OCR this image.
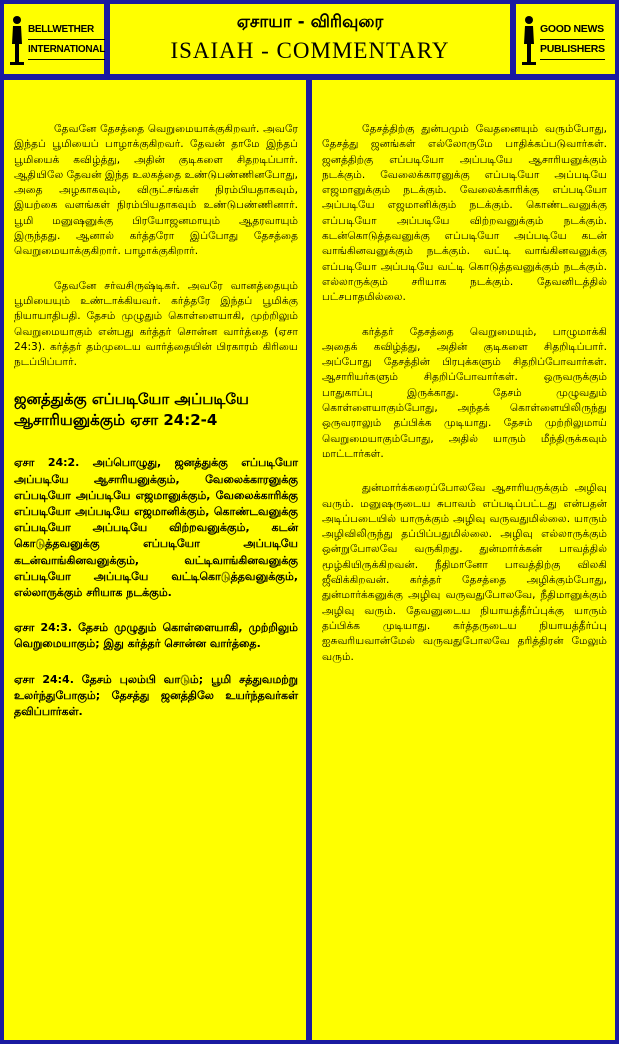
BELLWETHER
INTERNATIONAL
ஏசாயா - விரிவுரை
ISAIAH - COMMENTARY
GOOD NEWS
PUBLISHERS

தேவனே தேசத்தை வெறுமையாக்குகிறவர். அவரே இந்தப் பூமியைப் பாழாக்குகிறவர். தேவன் தாமே இந்தப் பூமியைக் கவிழ்த்து, அதின் குடிகளை சிதறடிப்பார். ஆதியிலே தேவன் இந்த உலகத்தை உண்டுபண்ணினபோது, அதை அழகாகவும், விருட்சங்கள் நிரம்பியதாகவும், இயற்கை வளங்கள் நிரம்பியதாகவும் உண்டுபண்ணினார். பூமி மனுஷனுக்கு பிரயோஜனமாயும் ஆதரவாயும் இருந்தது. ஆனால் கர்த்தரோ இப்போது தேசத்தை வெறுமையாக்குகிறார். பாழாக்குகிறார்.

தேவனே சர்வசிருஷ்டிகர். அவரே வானத்தையும் பூமியையும் உண்டாக்கியவர். கர்த்தரே இந்தப் பூமிக்கு நியாயாதிபதி. தேசம் முழுதும் கொள்ளையாகி, முற்றிலும் வெறுமையாகும் என்பது கர்த்தர் சொன்ன வார்த்தை (ஏசா 24:3). கர்த்தர் தம்முடைய வார்த்தையின் பிரகாரம் கிரியை நடப்பிப்பார்.

ஜனத்துக்கு எப்படியோ அப்படியே ஆசாரியனுக்கும் ஏசா 24:2-4

ஏசா 24:2. அப்பொழுது, ஜனத்துக்கு எப்படியோ அப்படியே ஆசாரியனுக்கும், வேலைக்காரனுக்கு எப்படியோ அப்படியே எஜமானுக்கும், வேலைக்காரிக்கு எப்படியோ அப்படியே எஜமானிக்கும், கொண்டவனுக்கு எப்படியோ அப்படியே விற்றவனுக்கும், கடன் கொடுத்தவனுக்கு எப்படியோ அப்படியே கடன்வாங்கினவனுக்கும், வட்டிவாங்கினவனுக்கு எப்படியோ அப்படியே வட்டிகொடுத்தவனுக்கும், எல்லாருக்கும் சரியாக நடக்கும்.

ஏசா 24:3. தேசம் முழுதும் கொள்ளையாகி, முற்றிலும் வெறுமையாகும்; இது கர்த்தர் சொன்ன வார்த்தை.

ஏசா 24:4. தேசம் புலம்பி வாடும்; பூமி சத்துவமற்று உலர்ந்துபோகும்; தேசத்து ஜனத்திலே உயர்ந்தவர்கள் தவிப்பார்கள்.

தேசத்திற்கு துன்பமும் வேதனையும் வரும்போது, தேசத்து ஜனங்கள் எல்லோருமே பாதிக்கப்படுவார்கள். ஜனத்திற்கு எப்படியோ அப்படியே ஆசாரியனுக்கும் நடக்கும். வேலைக்காரனுக்கு எப்படியோ அப்படியே எஜமானுக்கும் நடக்கும். வேலைக்காரிக்கு எப்படியோ அப்படியே எஜமானிக்கும் நடக்கும். கொண்டவனுக்கு எப்படியோ அப்படியே விற்றவனுக்கும் நடக்கும். கடன்கொடுத்தவனுக்கு எப்படியோ அப்படியே கடன் வாங்கினவனுக்கும் நடக்கும். வட்டி வாங்கினவனுக்கு எப்படியோ அப்படியே வட்டி கொடுத்தவனுக்கும் நடக்கும். எல்லாருக்கும் சரியாக நடக்கும். தேவனிடத்தில் பட்சபாதமில்லை.

கர்த்தர் தேசத்தை வெறுமையும், பாழுமாக்கி அதைக் கவிழ்த்து, அதின் குடிகளை சிதறிடிப்பார். அப்போது தேசத்தின் பிரபுக்களும் சிதறிப்போவார்கள். ஆசாரியர்களும் சிதறிப்போவார்கள். ஒருவருக்கும் பாதுகாப்பு இருக்காது. தேசம் முழுவதும் கொள்ளையாகும்போது, அந்தக் கொள்ளையிலிருந்து ஒருவராலும் தப்பிக்க முடியாது. தேசம் முற்றிலுமாய் வெறுமையாகும்போது, அதில் யாரும் மீந்திருக்கவும் மாட்டார்கள்.

துன்மார்க்கரைப்போலவே ஆசாரியருக்கும் அழிவு வரும். மனுஷருடைய சுபாவம் எப்படிப்பட்டது என்பதன் அடிப்படையில் யாருக்கும் அழிவு வருவதுமில்லை. யாரும் அழிவிலிருந்து தப்பிப்பதுமில்லை. அழிவு எல்லாருக்கும் ஒன்றுபோலவே வருகிறது. துன்மார்க்கன் பாவத்தில் மூழ்கியிருக்கிறவன். நீதிமானோ பாவத்திற்கு விலகி ஜீவிக்கிறவன். கர்த்தர் தேசத்தை அழிக்கும்போது, துன்மார்க்கனுக்கு அழிவு வருவதுபோலவே, நீதிமானுக்கும் அழிவு வரும். தேவனுடைய நியாயத்தீர்ப்புக்கு யாரும் தப்பிக்க முடியாது. கர்த்தருடைய நியாயத்தீர்ப்பு ஐசுவரியவான்மேல் வருவதுபோலவே தரித்திரன் மேலும் வரும்.
